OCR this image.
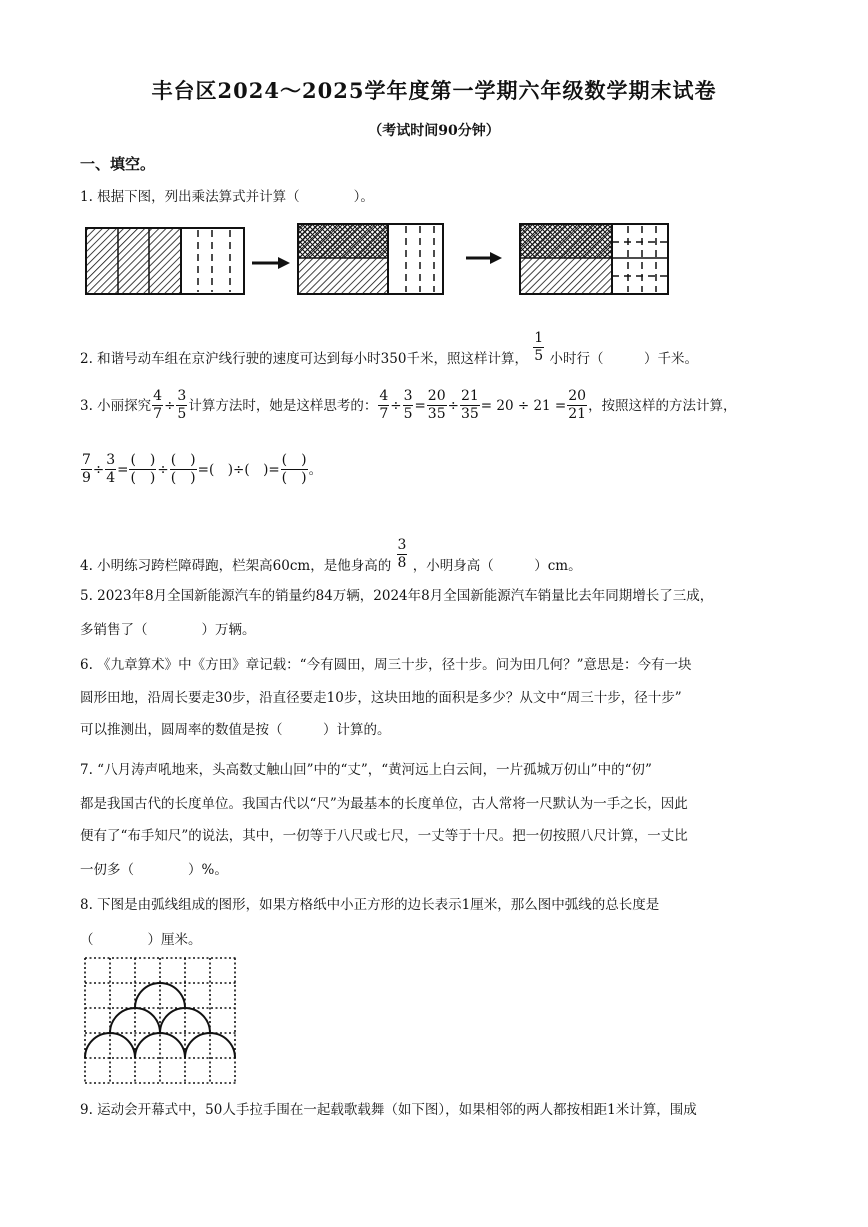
丰台区2024～2025学年度第一学期六年级数学期末试卷
（考试时间90分钟）
一、填空。
1. 根据下图，列出乘法算式并计算（　　　　）。
2. 和谐号动车组在京沪线行驶的速度可达到每小时350千米，照这样计算， $\frac{1}{5}$ 小时行（　　　）千米。
3. 小丽探究 $\frac{4}{7} \div \frac{3}{5}$ 计算方法时，她是这样思考的： $\frac{4}{7} \div \frac{3}{5} = \frac{20}{35} \div \frac{21}{35} = 20 \div 21 = \frac{20}{21}$ ，按照这样的方法计算，
$\frac{7}{9} \div \frac{3}{4} = \frac{( )}{( )} \div \frac{( )}{( )}$ =(　)÷(　)= $\frac{( )}{( )}$ 。
4. 小明练习跨栏障碍跑，栏架高60cm，是他身高的 $\frac{3}{8}$ ，小明身高（　　　）cm。
5. 2023年8月全国新能源汽车的销量约84万辆，2024年8月全国新能源汽车销量比去年同期增长了三成，
多销售了（　　　　）万辆。
6. 《九章算术》中《方田》章记载：“今有圆田，周三十步，径十步。问为田几何？”意思是：今有一块
圆形田地，沿周长要走30步，沿直径要走10步，这块田地的面积是多少？从文中“周三十步，径十步”
可以推测出，圆周率的数值是按（　　　）计算的。
7. “八月涛声吼地来，头高数丈触山回”中的“丈”，“黄河远上白云间，一片孤城万仞山”中的“仞”
都是我国古代的长度单位。我国古代以“尺”为最基本的长度单位，古人常将一尺默认为一手之长，因此
便有了“布手知尺”的说法，其中，一仞等于八尺或七尺，一丈等于十尺。把一仞按照八尺计算，一丈比
一仞多（　　　　）%。
8. 下图是由弧线组成的图形，如果方格纸中小正方形的边长表示1厘米，那么图中弧线的总长度是
（　　　　）厘米。
9. 运动会开幕式中，50人手拉手围在一起载歌载舞（如下图），如果相邻的两人都按相距1米计算，围成
